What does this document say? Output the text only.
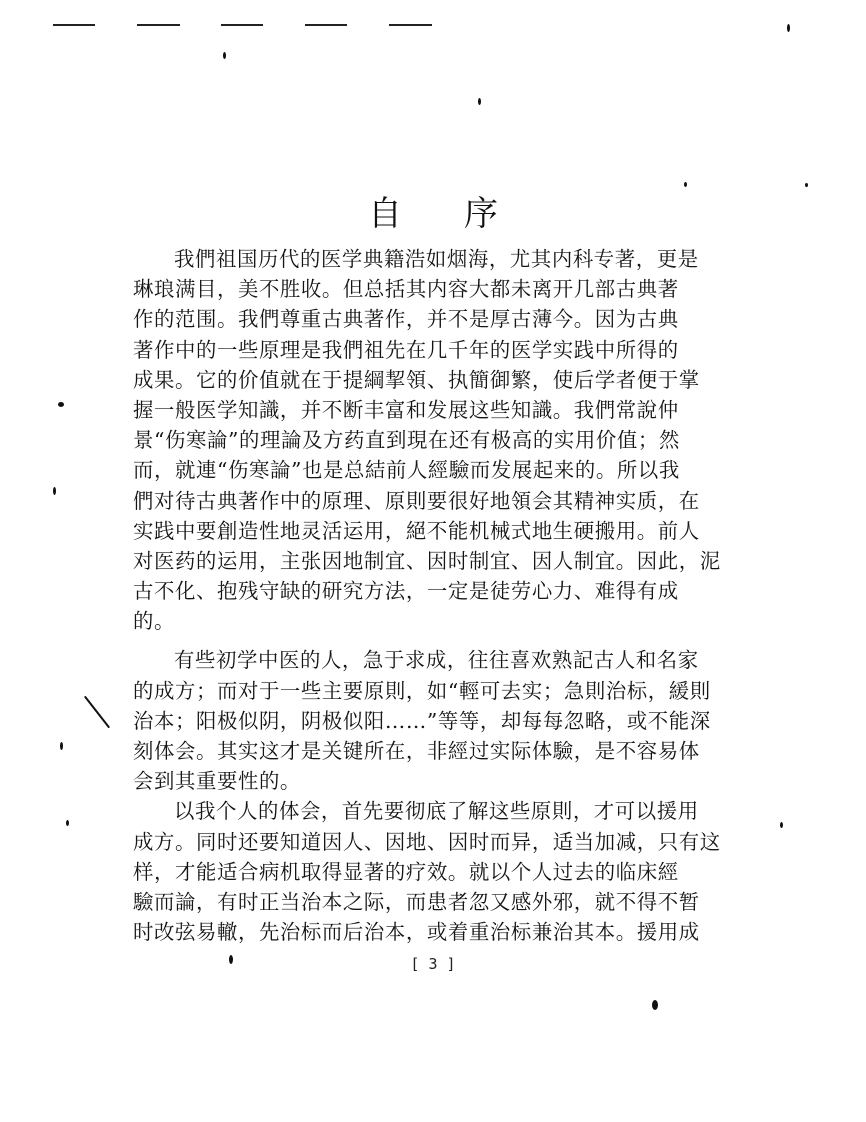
自 序
我們祖国历代的医学典籍浩如烟海，尤其内科专著，更是
琳琅满目，美不胜收。但总括其内容大都未离开几部古典著
作的范围。我們尊重古典著作，并不是厚古薄今。因为古典
著作中的一些原理是我們祖先在几千年的医学实践中所得的
成果。它的价值就在于提綱挈領、执簡御繁，使后学者便于掌
握一般医学知識，并不断丰富和发展这些知識。我們常說仲
景“伤寒論”的理論及方药直到現在还有极高的实用价值；然
而，就連“伤寒論”也是总結前人經驗而发展起来的。所以我
們对待古典著作中的原理、原則要很好地領会其精神实质，在
实践中要創造性地灵活运用，絕不能机械式地生硬搬用。前人
对医药的运用，主张因地制宜、因时制宜、因人制宜。因此，泥
古不化、抱残守缺的研究方法，一定是徒劳心力、难得有成
的。
有些初学中医的人，急于求成，往往喜欢熟記古人和名家
的成方；而对于一些主要原則，如“輕可去实；急則治标，緩則
治本；阳极似阴，阴极似阳……”等等，却每每忽略，或不能深
刻体会。其实这才是关键所在，非經过实际体驗，是不容易体
会到其重要性的。
以我个人的体会，首先要彻底了解这些原則，才可以援用
成方。同时还要知道因人、因地、因时而异，适当加减，只有这
样，才能适合病机取得显著的疗效。就以个人过去的临床經
驗而論，有时正当治本之际，而患者忽又感外邪，就不得不暂
时改弦易轍，先治标而后治本，或着重治标兼治其本。援用成
[ 3 ]
